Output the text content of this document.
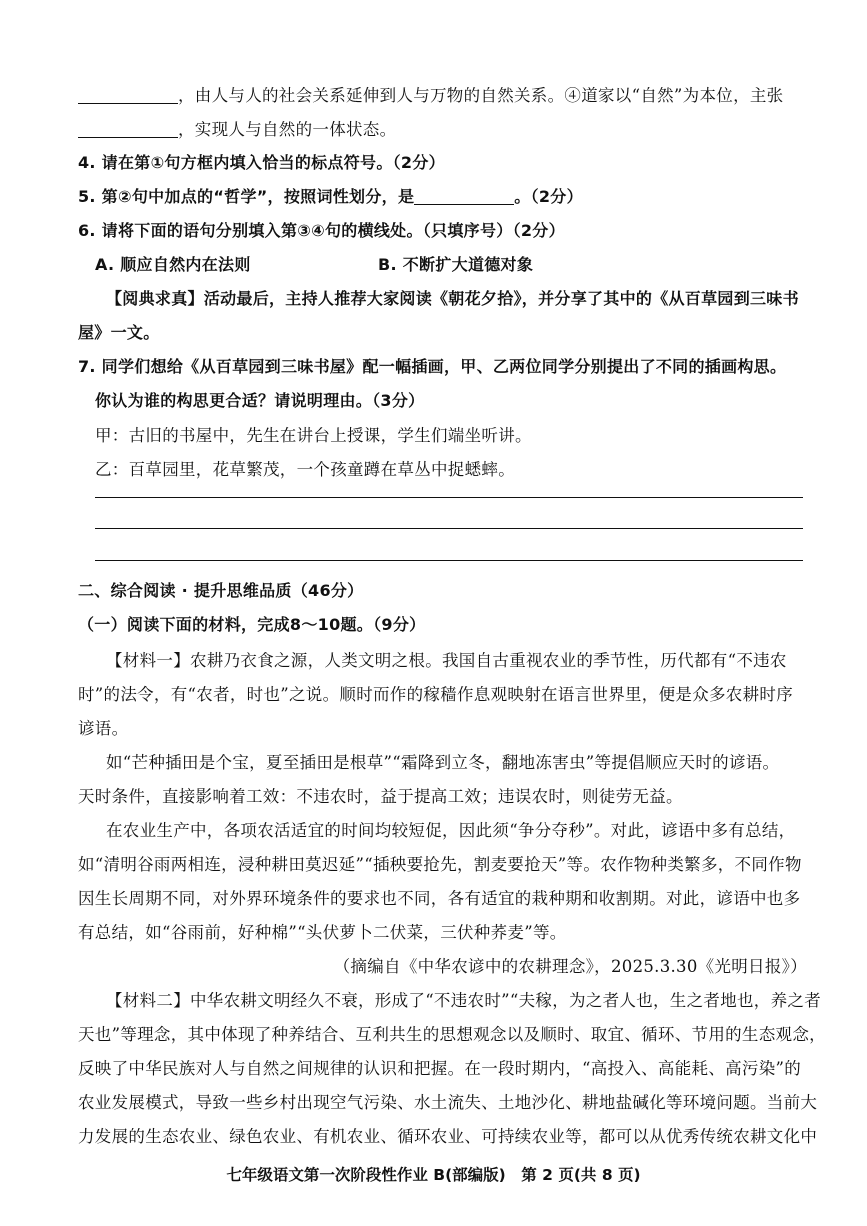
，由人与人的社会关系延伸到人与万物的自然关系。④道家以“自然”为本位，主张
，实现人与自然的一体状态。
4. 请在第①句方框内填入恰当的标点符号。（2分）
5. 第②句中加点的“哲学”，按照词性划分，是	。（2分）
6. 请将下面的语句分别填入第③④句的横线处。（只填序号）（2分）
A. 顺应自然内在法则	B. 不断扩大道德对象
【阅典求真】活动最后，主持人推荐大家阅读《朝花夕拾》，并分享了其中的《从百草园到三味书
屋》一文。
7. 同学们想给《从百草园到三味书屋》配一幅插画，甲、乙两位同学分别提出了不同的插画构思。
你认为谁的构思更合适？请说明理由。（3分）
甲：古旧的书屋中，先生在讲台上授课，学生们端坐听讲。
乙：百草园里，花草繁茂，一个孩童蹲在草丛中捉蟋蟀。
二、综合阅读 · 提升思维品质（46分）
（一）阅读下面的材料，完成8～10题。（9分）
【材料一】农耕乃衣食之源，人类文明之根。我国自古重视农业的季节性，历代都有“不违农
时”的法令，有“农者，时也”之说。顺时而作的稼穑作息观映射在语言世界里，便是众多农耕时序
谚语。
如“芒种插田是个宝，夏至插田是根草”“霜降到立冬，翻地冻害虫”等提倡顺应天时的谚语。
天时条件，直接影响着工效：不违农时，益于提高工效；违误农时，则徒劳无益。
在农业生产中，各项农活适宜的时间均较短促，因此须“争分夺秒”。对此，谚语中多有总结，
如“清明谷雨两相连，浸种耕田莫迟延”“插秧要抢先，割麦要抢天”等。农作物种类繁多，不同作物
因生长周期不同，对外界环境条件的要求也不同，各有适宜的栽种期和收割期。对此，谚语中也多
有总结，如“谷雨前，好种棉”“头伏萝卜二伏菜，三伏种荞麦”等。
（摘编自《中华农谚中的农耕理念》，2025.3.30《光明日报》）
【材料二】中华农耕文明经久不衰，形成了“不违农时”“夫稼，为之者人也，生之者地也，养之者
天也”等理念，其中体现了种养结合、互利共生的思想观念以及顺时、取宜、循环、节用的生态观念，
反映了中华民族对人与自然之间规律的认识和把握。在一段时期内，“高投入、高能耗、高污染”的
农业发展模式，导致一些乡村出现空气污染、水土流失、土地沙化、耕地盐碱化等环境问题。当前大
力发展的生态农业、绿色农业、有机农业、循环农业、可持续农业等，都可以从优秀传统农耕文化中
七年级语文第一次阶段性作业 B(部编版)　第 2 页(共 8 页)
